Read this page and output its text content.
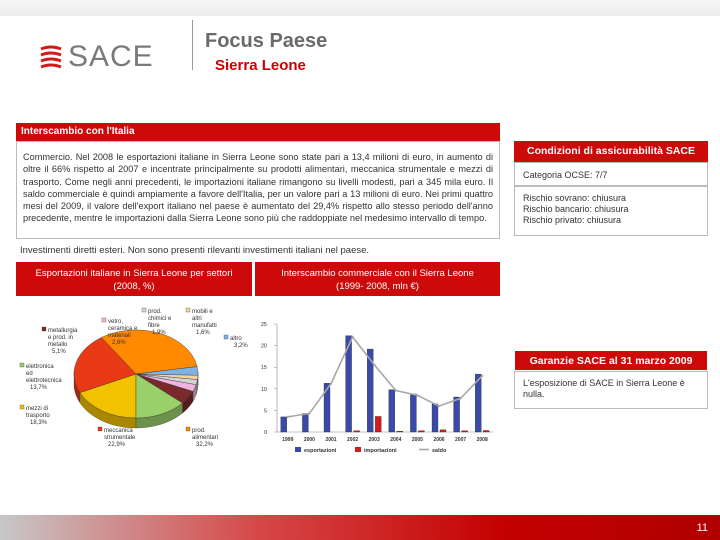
SACE	Focus Paese
Sierra Leone
Interscambio con l'Italia
Commercio. Nel 2008 le esportazioni italiane in Sierra Leone sono state pari a 13,4 milioni di euro, in aumento di oltre il 66% rispetto al 2007 e incentrate principalmente su prodotti alimentari, meccanica strumentale e mezzi di trasporto. Come negli anni precedenti, le importazioni italiane rimangono su livelli modesti, pari a 345 mila euro. Il saldo commerciale è quindi ampiamente a favore dell'Italia, per un valore pari a 13 milioni di euro. Nei primi quattro mesi del 2009, il valore dell'export italiano nel paese è aumentato del 29,4% rispetto allo stesso periodo dell'anno precedente, mentre le importazioni dalla Sierra Leone sono più che raddoppiate nel medesimo intervallo di tempo.
Investimenti diretti esteri. Non sono presenti rilevanti investimenti italiani nel paese.
Condizioni di assicurabilità SACE
Categoria OCSE: 7/7
Rischio sovrano: chiusura
Rischio bancario: chiusura
Rischio privato: chiusura
Garanzie SACE al 31 marzo 2009
L'esposizione di SACE in Sierra Leone è nulla.
Esportazioni italiane in Sierra Leone per settori
(2008, %)
Interscambio commerciale con il Sierra Leone
(1999- 2008, mln €)
mezzi di trasporto
18,3%
meccanica strumentale
22,9%
prod. alimentari
32,2%
altro
3,2%
mobili e altri manufatti
1,6%
prod. chimici e fibre
1,9%
vetro, ceramica e materiali
2,6%
metallurgia e prod. in metallo
5,1%
elettronica ed elettrotecnica
13,7%
0
5
10
15
20
25
1999 2000 2001 2002 2003 2004 2005 2006 2007 2008
esportazioni	importazioni	saldo
11
